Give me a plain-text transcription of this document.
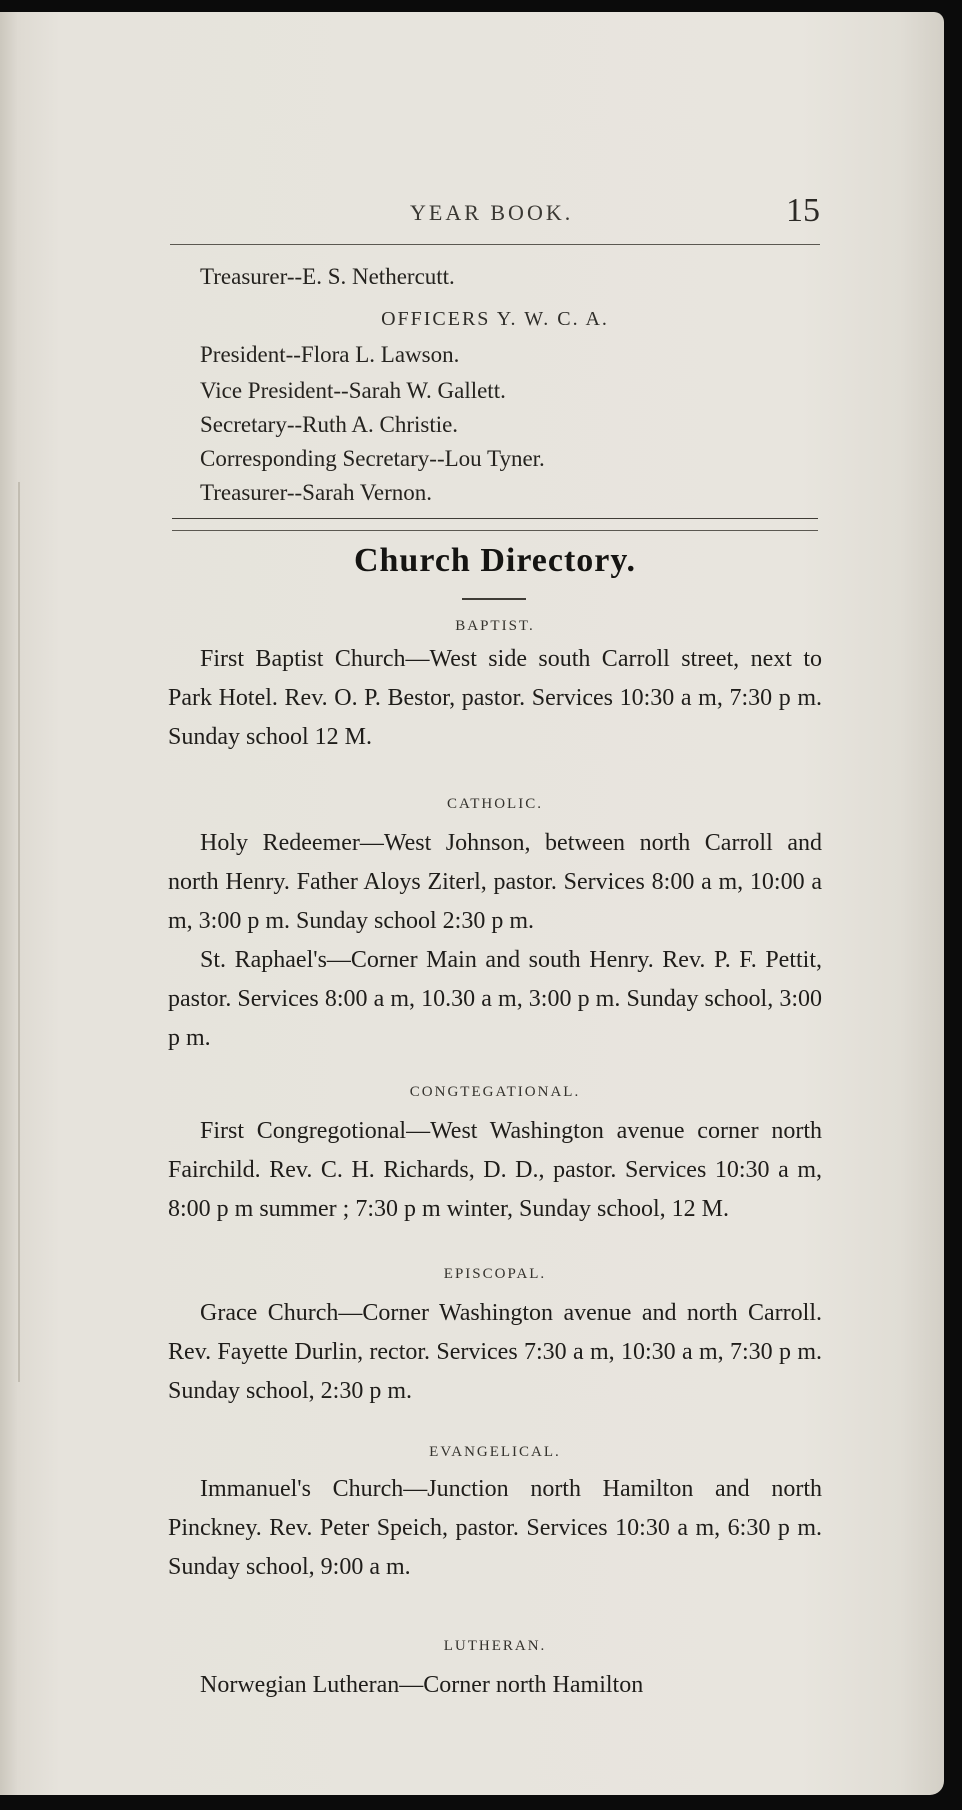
YEAR BOOK.	15
Treasurer--E. S. Nethercutt.
OFFICERS Y. W. C. A.
President--Flora L. Lawson.
Vice President--Sarah W. Gallett.
Secretary--Ruth A. Christie.
Corresponding Secretary--Lou Tyner.
Treasurer--Sarah Vernon.
Church Directory.
BAPTIST.
First Baptist Church—West side south Carroll street, next to Park Hotel. Rev. O. P. Bestor, pastor. Services 10:30 a m, 7:30 p m. Sunday school 12 M.
CATHOLIC.
Holy Redeemer—West Johnson, between north Carroll and north Henry. Father Aloys Ziterl, pastor. Services 8:00 a m, 10:00 a m, 3:00 p m. Sunday school 2:30 p m.
St. Raphael's—Corner Main and south Henry. Rev. P. F. Pettit, pastor. Services 8:00 a m, 10.30 a m, 3:00 p m. Sunday school, 3:00 p m.
CONGTEGATIONAL.
First Congregotional—West Washington avenue corner north Fairchild. Rev. C. H. Richards, D. D., pastor. Services 10:30 a m, 8:00 p m summer ; 7:30 p m winter, Sunday school, 12 M.
EPISCOPAL.
Grace Church—Corner Washington avenue and north Carroll. Rev. Fayette Durlin, rector. Services 7:30 a m, 10:30 a m, 7:30 p m. Sunday school, 2:30 p m.
EVANGELICAL.
Immanuel's Church—Junction north Hamilton and north Pinckney. Rev. Peter Speich, pastor. Services 10:30 a m, 6:30 p m. Sunday school, 9:00 a m.
LUTHERAN.
Norwegian Lutheran—Corner north Hamilton
